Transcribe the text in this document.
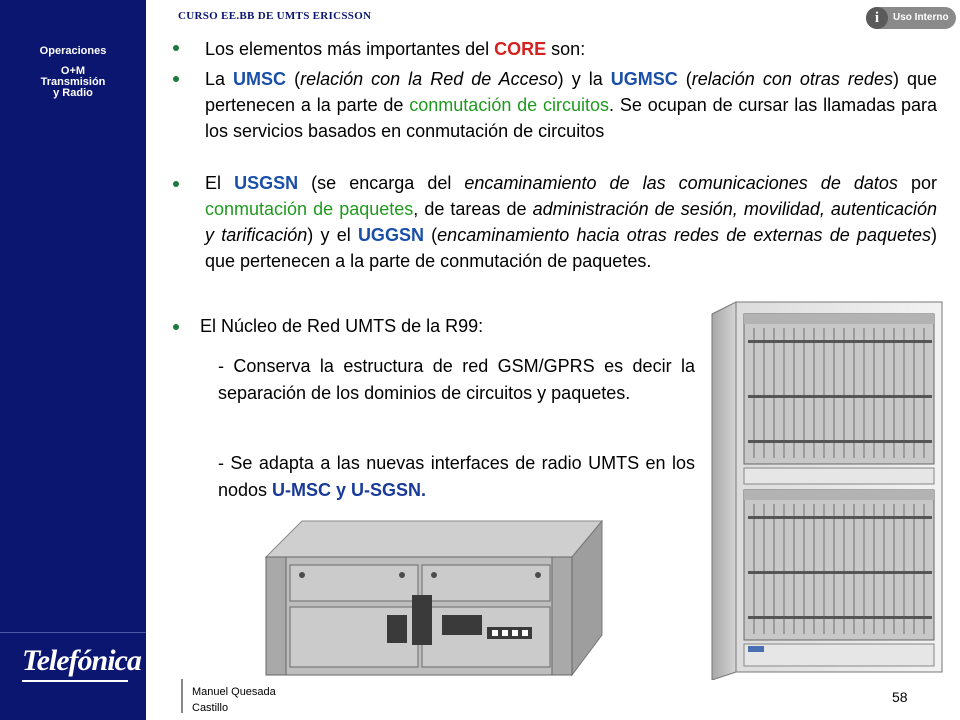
Operaciones
O+M
Transmisión
y Radio
Telefónica
CURSO EE.BB DE UMTS ERICSSON	i	Uso Interno
Los elementos más importantes del CORE son:
La UMSC (relación con la Red de Acceso) y la UGMSC (relación con otras redes) que pertenecen a la parte de conmutación de circuitos. Se ocupan de cursar las llamadas para los servicios basados en conmutación de circuitos
El USGSN (se encarga del encaminamiento de las comunicaciones de datos por conmutación de paquetes, de tareas de administración de sesión, movilidad, autenticación y tarificación) y el UGGSN (encaminamiento hacia otras redes de externas de paquetes) que pertenecen a la parte de conmutación de paquetes.
El Núcleo de Red UMTS de la R99:
- Conserva la estructura de red GSM/GPRS es decir la separación de los dominios de circuitos y paquetes.
- Se adapta a las nuevas interfaces de radio UMTS en los nodos U-MSC y U-SGSN.
Manuel Quesada
Castillo
58
